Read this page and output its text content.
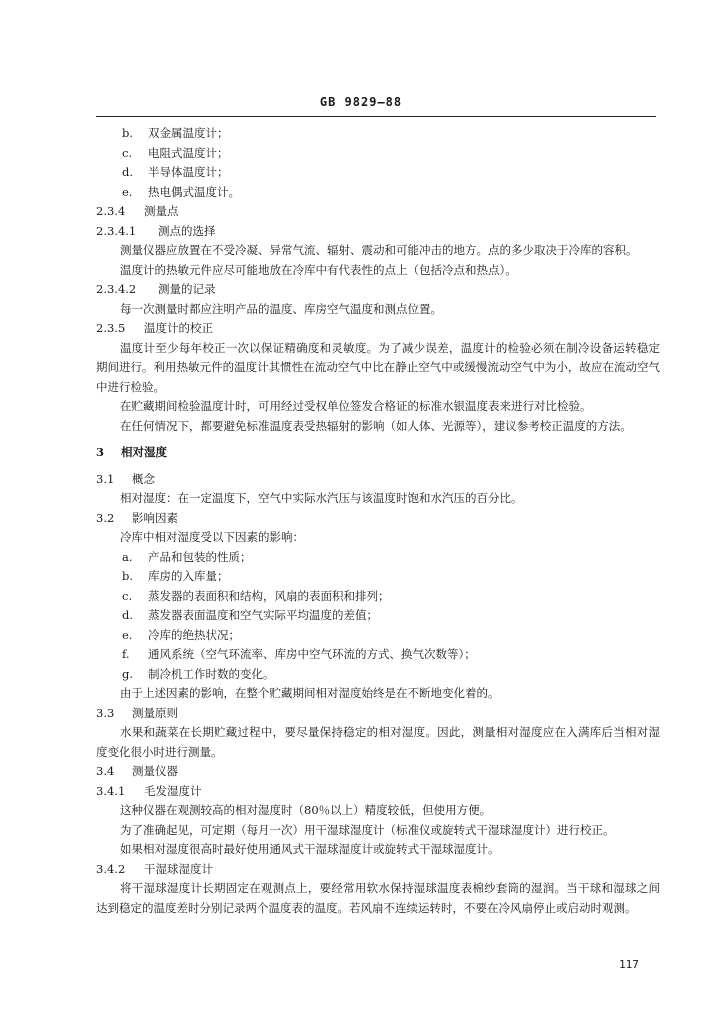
GB 9829—88
b. 双金属温度计；
c. 电阻式温度计；
d. 半导体温度计；
e. 热电偶式温度计。
2.3.4 测量点
2.3.4.1 测点的选择

测量仪器应放置在不受冷凝、异常气流、辐射、震动和可能冲击的地方。点的多少取决于冷库的容积。

温度计的热敏元件应尽可能地放在冷库中有代表性的点上（包括冷点和热点）。

2.3.4.2 测量的记录

每一次测量时都应注明产品的温度、库房空气温度和测点位置。

2.3.5 温度计的校正

温度计至少每年校正一次以保证精确度和灵敏度。为了减少误差，温度计的检验必须在制冷设备运转稳定期间进行。利用热敏元件的温度计其惯性在流动空气中比在静止空气中或缓慢流动空气中为小，故应在流动空气中进行检验。

在贮藏期间检验温度计时，可用经过受权单位签发合格证的标准水银温度表来进行对比检验。

在任何情况下，都要避免标准温度表受热辐射的影响（如人体、光源等），建议参考校正温度的方法。

3 相对湿度
3.1 概念

相对湿度：在一定温度下，空气中实际水汽压与该温度时饱和水汽压的百分比。

3.2 影响因素

冷库中相对湿度受以下因素的影响：

a. 产品和包装的性质；
b. 库房的入库量；
c. 蒸发器的表面积和结构，风扇的表面积和排列；
d. 蒸发器表面温度和空气实际平均温度的差值；
e. 冷库的绝热状况；
f. 通风系统（空气环流率、库房中空气环流的方式、换气次数等）；
g. 制冷机工作时数的变化。

由于上述因素的影响，在整个贮藏期间相对湿度始终是在不断地变化着的。

3.3 测量原则

水果和蔬菜在长期贮藏过程中，要尽量保持稳定的相对湿度。因此，测量相对湿度应在入满库后当相对湿度变化很小时进行测量。

3.4 测量仪器
3.4.1 毛发湿度计

这种仪器在观测较高的相对湿度时（80％以上）精度较低，但使用方便。

为了准确起见，可定期（每月一次）用干湿球湿度计（标准仪或旋转式干湿球湿度计）进行校正。

如果相对湿度很高时最好使用通风式干湿球湿度计或旋转式干湿球湿度计。

3.4.2 干湿球湿度计

将干湿球湿度计长期固定在观测点上，要经常用软水保持湿球温度表棉纱套筒的湿润。当干球和湿球之间达到稳定的温度差时分别记录两个温度表的温度。若风扇不连续运转时，不要在冷风扇停止或启动时观测。

117
